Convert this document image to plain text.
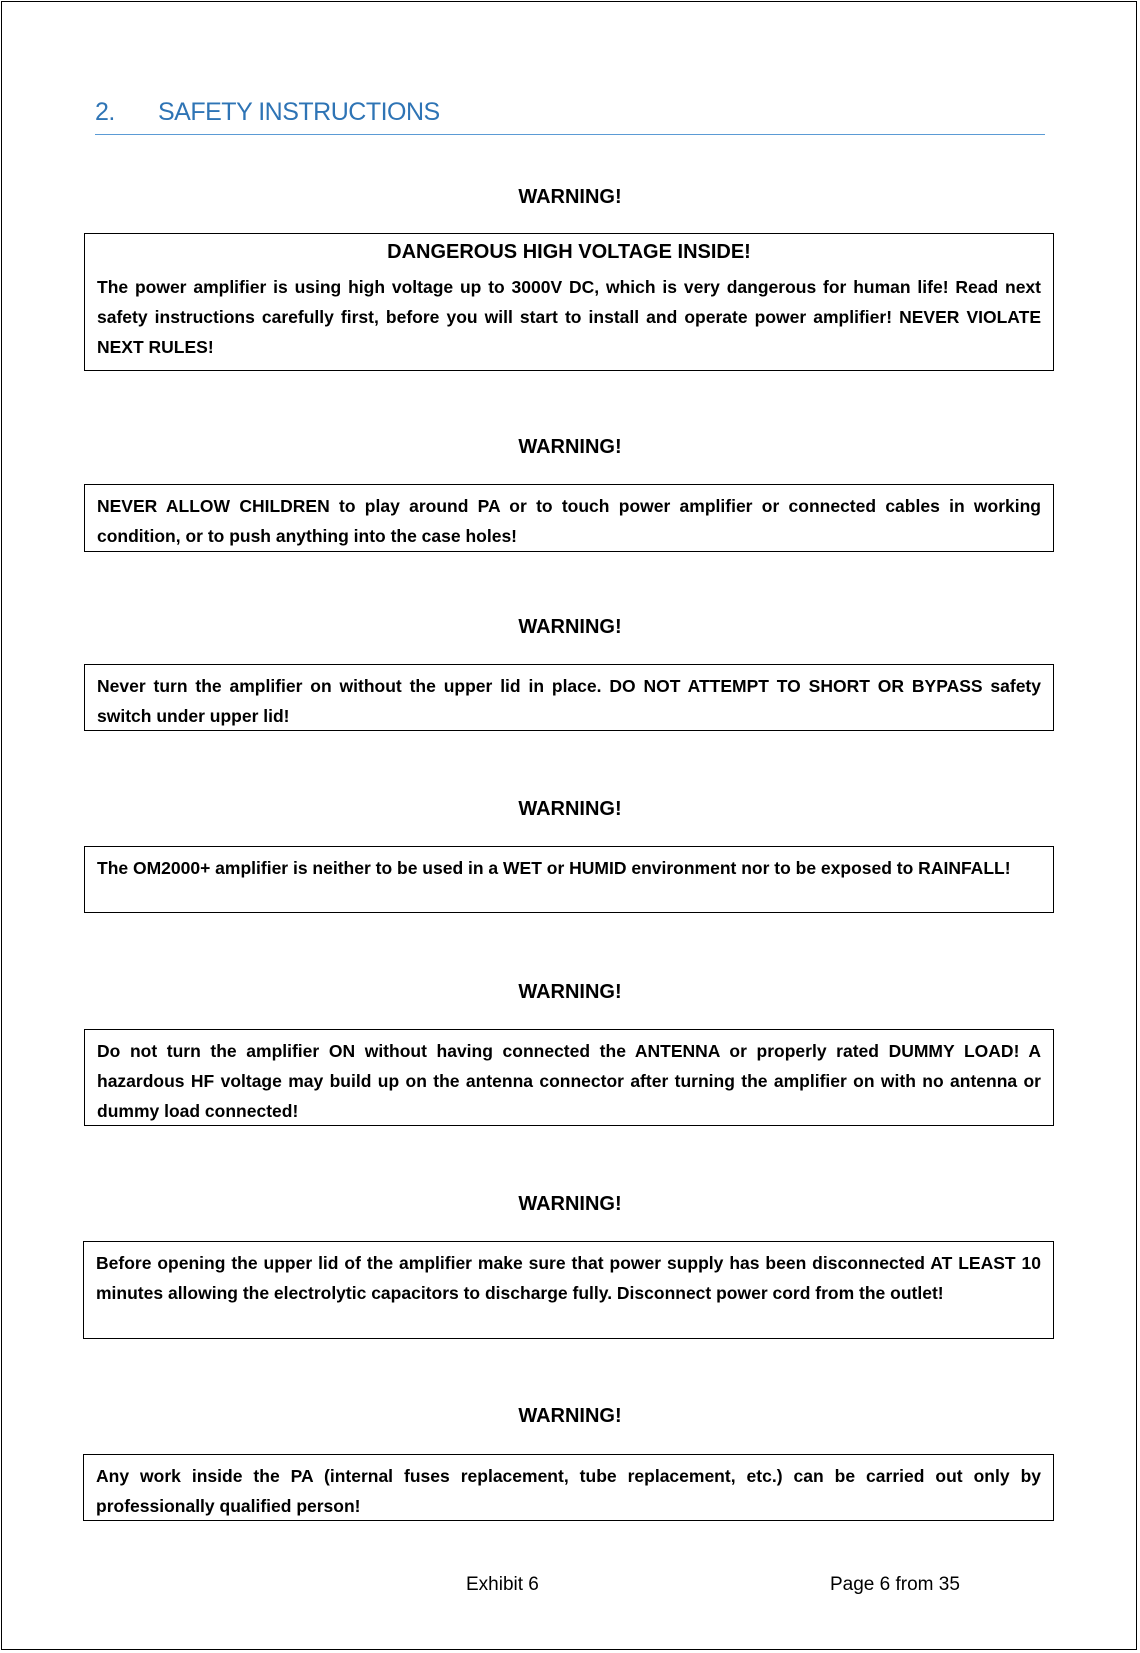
2. SAFETY INSTRUCTIONS
WARNING!

DANGEROUS HIGH VOLTAGE INSIDE!

The power amplifier is using high voltage up to 3000V DC, which is very dangerous for human life! Read next safety instructions carefully first, before you will start to install and operate power amplifier! NEVER VIOLATE NEXT RULES!

WARNING!

NEVER ALLOW CHILDREN to play around PA or to touch power amplifier or connected cables in working condition, or to push anything into the case holes!

WARNING!

Never turn the amplifier on without the upper lid in place. DO NOT ATTEMPT TO SHORT OR BYPASS safety switch under upper lid!

WARNING!

The OM2000+ amplifier is neither to be used in a WET or HUMID environment nor to be exposed to RAINFALL!

WARNING!

Do not turn the amplifier ON without having connected the ANTENNA or properly rated DUMMY LOAD! A hazardous HF voltage may build up on the antenna connector after turning the amplifier on with no antenna or dummy load connected!

WARNING!

Before opening the upper lid of the amplifier make sure that power supply has been disconnected AT LEAST 10 minutes allowing the electrolytic capacitors to discharge fully. Disconnect power cord from the outlet!

WARNING!

Any work inside the PA (internal fuses replacement, tube replacement, etc.) can be carried out only by professionally qualified person!

Exhibit 6	Page 6 from 35
